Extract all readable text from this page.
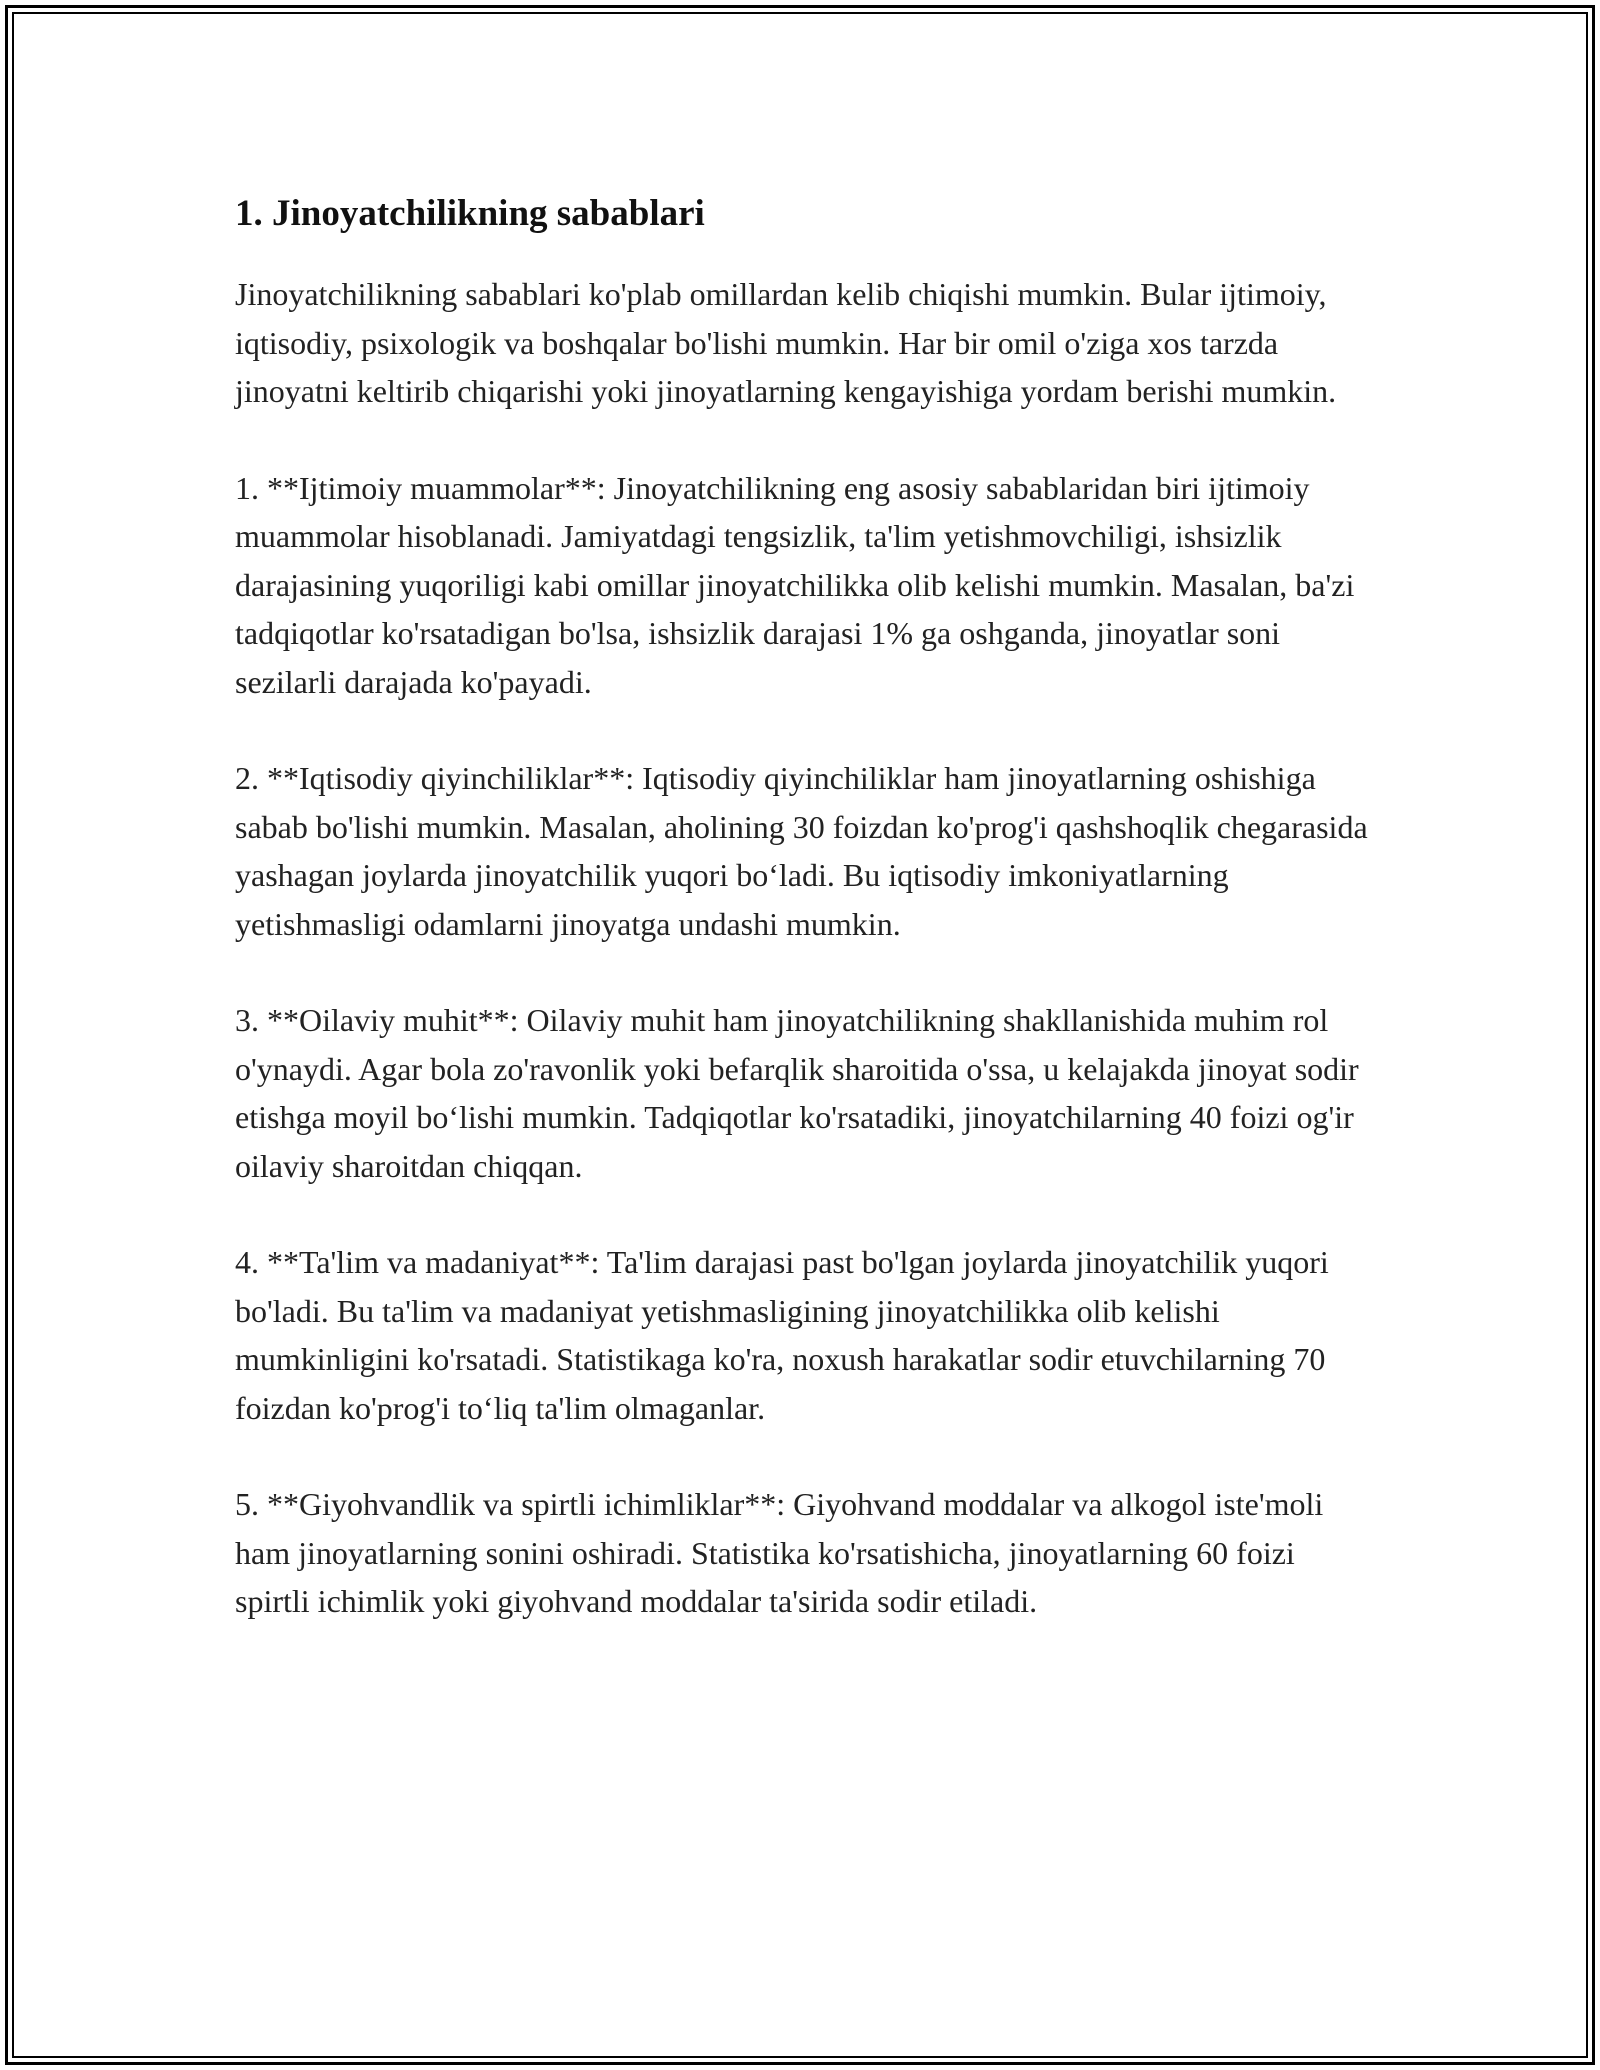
1. Jinoyatchilikning sabablari

Jinoyatchilikning sabablari ko'plab omillardan kelib chiqishi mumkin. Bular ijtimoiy, iqtisodiy, psixologik va boshqalar bo'lishi mumkin. Har bir omil o'ziga xos tarzda jinoyatni keltirib chiqarishi yoki jinoyatlarning kengayishiga yordam berishi mumkin.

1. **Ijtimoiy muammolar**: Jinoyatchilikning eng asosiy sabablaridan biri ijtimoiy muammolar hisoblanadi. Jamiyatdagi tengsizlik, ta'lim yetishmovchiligi, ishsizlik darajasining yuqoriligi kabi omillar jinoyatchilikka olib kelishi mumkin. Masalan, ba'zi tadqiqotlar ko'rsatadigan bo'lsa, ishsizlik darajasi 1% ga oshganda, jinoyatlar soni sezilarli darajada ko'payadi.

2. **Iqtisodiy qiyinchiliklar**: Iqtisodiy qiyinchiliklar ham jinoyatlarning oshishiga sabab bo'lishi mumkin. Masalan, aholining 30 foizdan ko'prog'i qashshoqlik chegarasida yashagan joylarda jinoyatchilik yuqori bo‘ladi. Bu iqtisodiy imkoniyatlarning yetishmasligi odamlarni jinoyatga undashi mumkin.

3. **Oilaviy muhit**: Oilaviy muhit ham jinoyatchilikning shakllanishida muhim rol o'ynaydi. Agar bola zo'ravonlik yoki befarqlik sharoitida o'ssa, u kelajakda jinoyat sodir etishga moyil bo‘lishi mumkin. Tadqiqotlar ko'rsatadiki, jinoyatchilarning 40 foizi og'ir oilaviy sharoitdan chiqqan.

4. **Ta'lim va madaniyat**: Ta'lim darajasi past bo'lgan joylarda jinoyatchilik yuqori bo'ladi. Bu ta'lim va madaniyat yetishmasligining jinoyatchilikka olib kelishi mumkinligini ko'rsatadi. Statistikaga ko'ra, noxush harakatlar sodir etuvchilarning 70 foizdan ko'prog'i to‘liq ta'lim olmaganlar.

5. **Giyohvandlik va spirtli ichimliklar**: Giyohvand moddalar va alkogol iste'moli ham jinoyatlarning sonini oshiradi. Statistika ko'rsatishicha, jinoyatlarning 60 foizi spirtli ichimlik yoki giyohvand moddalar ta'sirida sodir etiladi.
